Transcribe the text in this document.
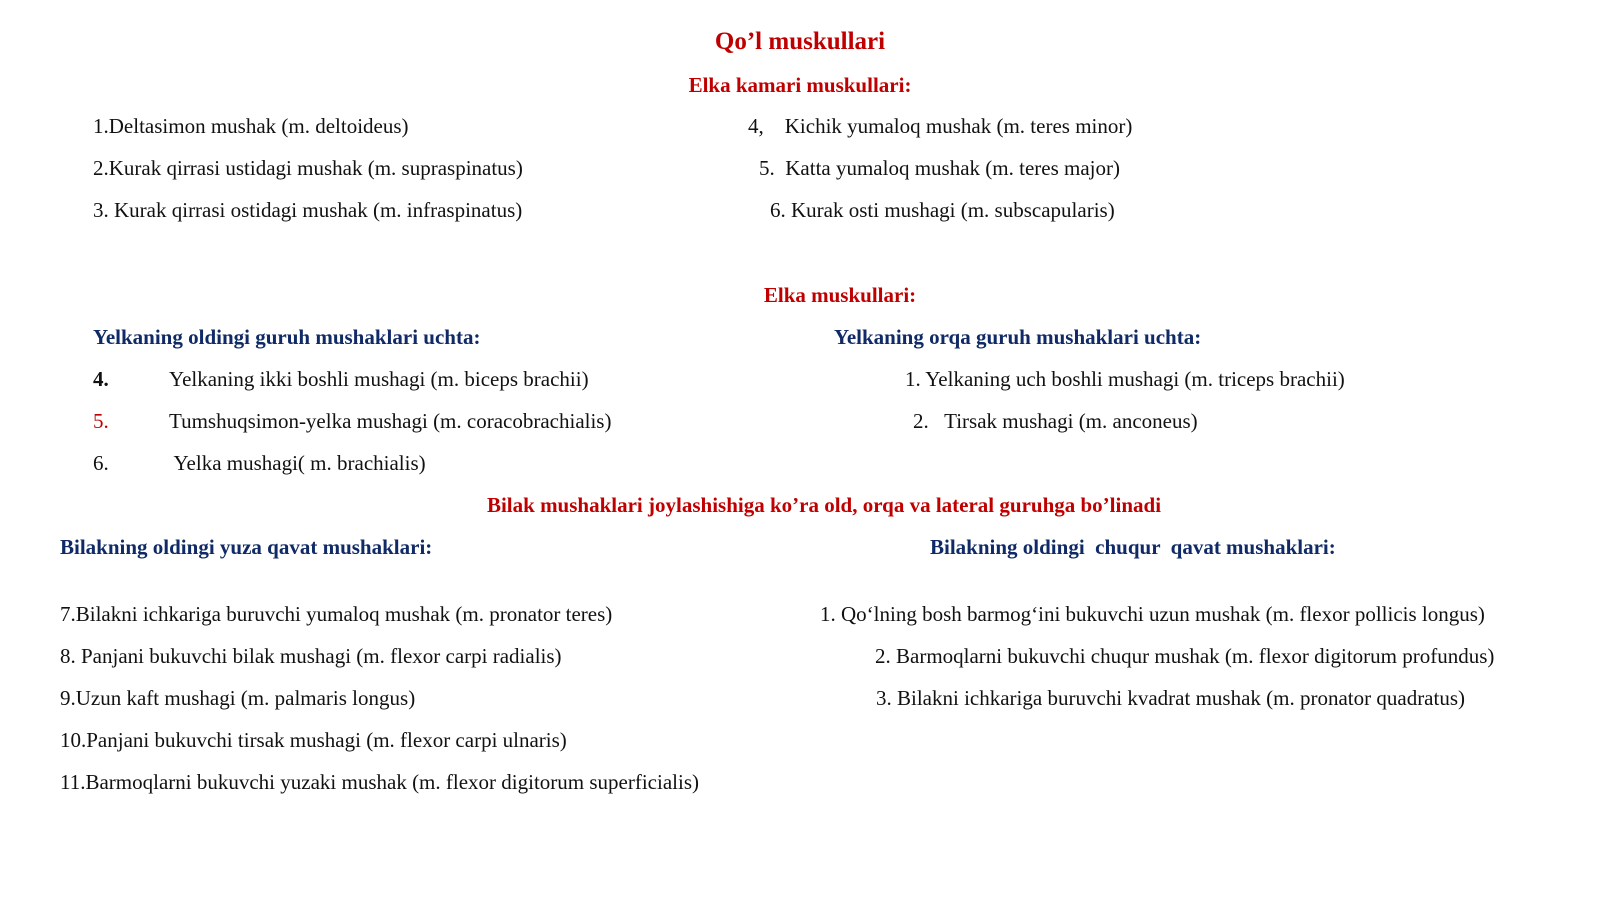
Qo’l muskullari
Elka kamari muskullari:
1.Deltasimon mushak (m. deltoideus)
2.Kurak qirrasi ustidagi mushak (m. supraspinatus)
3. Kurak qirrasi ostidagi mushak (m. infraspinatus)
4,    Kichik yumaloq mushak (m. teres minor)
5.  Katta yumaloq mushak (m. teres major)
6. Kurak osti mushagi (m. subscapularis)
Elka muskullari:
Yelkaning oldingi guruh mushaklari uchta:	Yelkaning orqa guruh mushaklari uchta:
4.	Yelkaning ikki boshli mushagi (m. biceps brachii)
5.	Tumshuqsimon-yelka mushagi (m. coracobrachialis)
6.	Yelka mushagi( m. brachialis)
1. Yelkaning uch boshli mushagi (m. triceps brachii)
2.   Tirsak mushagi (m. anconeus)
Bilak mushaklari joylashishiga ko’ra old, orqa va lateral guruhga bo’linadi
Bilakning oldingi yuza qavat mushaklari:	Bilakning oldingi  chuqur  qavat mushaklari:
7.Bilakni ichkariga buruvchi yumaloq mushak (m. pronator teres)
8. Panjani bukuvchi bilak mushagi (m. flexor carpi radialis)
9.Uzun kaft mushagi (m. palmaris longus)
10.Panjani bukuvchi tirsak mushagi (m. flexor carpi ulnaris)
11.Barmoqlarni bukuvchi yuzaki mushak (m. flexor digitorum superficialis)
1. Qo‘lning bosh barmog‘ini bukuvchi uzun mushak (m. flexor pollicis longus)
2. Barmoqlarni bukuvchi chuqur mushak (m. flexor digitorum profundus)
3. Bilakni ichkariga buruvchi kvadrat mushak (m. pronator quadratus)
